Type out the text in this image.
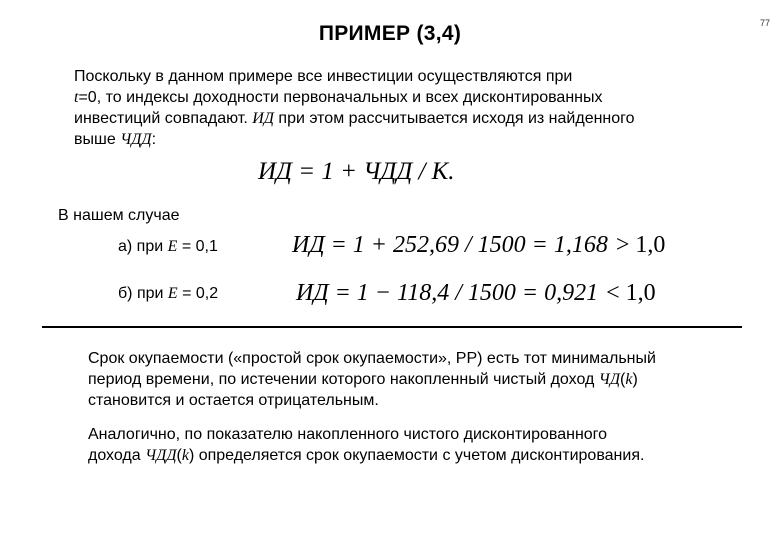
77
ПРИМЕР (3,4)

Поскольку в данном примере все инвестиции осуществляются при

t=0, то индексы доходности первоначальных и всех дисконтированных

инвестиций совпадают. ИД при этом рассчитывается исходя из найденного

выше ЧДД:

ИД = 1 + ЧДД / К.
В нашем случае
а) при E = 0,1	ИД = 1 + 252,69 / 1500 = 1,168 > 1,0
б) при E = 0,2	ИД = 1 − 118,4 / 1500 = 0,921 < 1,0

Срок окупаемости («простой срок окупаемости», PP) есть тот минимальный

период времени, по истечении которого накопленный чистый доход ЧД(k)

становится и остается отрицательным.

Аналогично, по показателю накопленного чистого дисконтированного

дохода ЧДД(k) определяется срок окупаемости с учетом дисконтирования.
